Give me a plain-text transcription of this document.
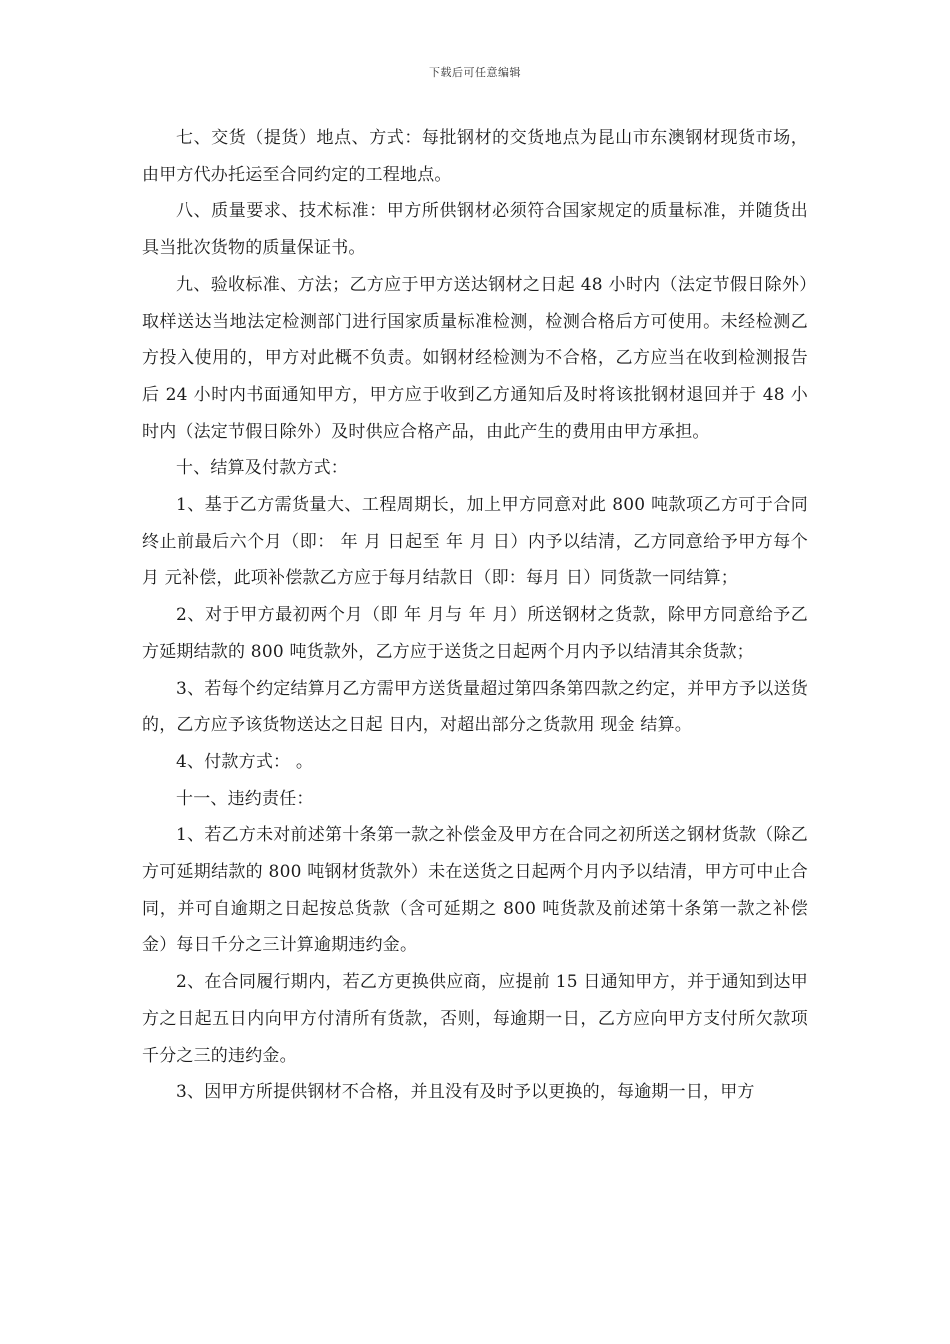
下载后可任意编辑

七、交货（提货）地点、方式：每批钢材的交货地点为昆山市东澳钢材现货市场，由甲方代办托运至合同约定的工程地点。

八、质量要求、技术标准：甲方所供钢材必须符合国家规定的质量标准，并随货出具当批次货物的质量保证书。

九、验收标准、方法；乙方应于甲方送达钢材之日起 48 小时内（法定节假日除外）取样送达当地法定检测部门进行国家质量标准检测，检测合格后方可使用。未经检测乙方投入使用的，甲方对此概不负责。如钢材经检测为不合格，乙方应当在收到检测报告后 24 小时内书面通知甲方，甲方应于收到乙方通知后及时将该批钢材退回并于 48 小时内（法定节假日除外）及时供应合格产品，由此产生的费用由甲方承担。

十、结算及付款方式：

1、基于乙方需货量大、工程周期长，加上甲方同意对此 800 吨款项乙方可于合同终止前最后六个月（即： 年 月 日起至 年 月 日）内予以结清，乙方同意给予甲方每个月 元补偿，此项补偿款乙方应于每月结款日（即：每月 日）同货款一同结算；

2、对于甲方最初两个月（即 年 月与 年 月）所送钢材之货款，除甲方同意给予乙方延期结款的 800 吨货款外，乙方应于送货之日起两个月内予以结清其余货款；

3、若每个约定结算月乙方需甲方送货量超过第四条第四款之约定，并甲方予以送货的，乙方应予该货物送达之日起 日内，对超出部分之货款用 现金 结算。

4、付款方式： 。

十一、违约责任：

1、若乙方未对前述第十条第一款之补偿金及甲方在合同之初所送之钢材货款（除乙方可延期结款的 800 吨钢材货款外）未在送货之日起两个月内予以结清，甲方可中止合同，并可自逾期之日起按总货款（含可延期之 800 吨货款及前述第十条第一款之补偿金）每日千分之三计算逾期违约金。

2、在合同履行期内，若乙方更换供应商，应提前 15 日通知甲方，并于通知到达甲方之日起五日内向甲方付清所有货款，否则，每逾期一日，乙方应向甲方支付所欠款项千分之三的违约金。

3、因甲方所提供钢材不合格，并且没有及时予以更换的，每逾期一日，甲方
